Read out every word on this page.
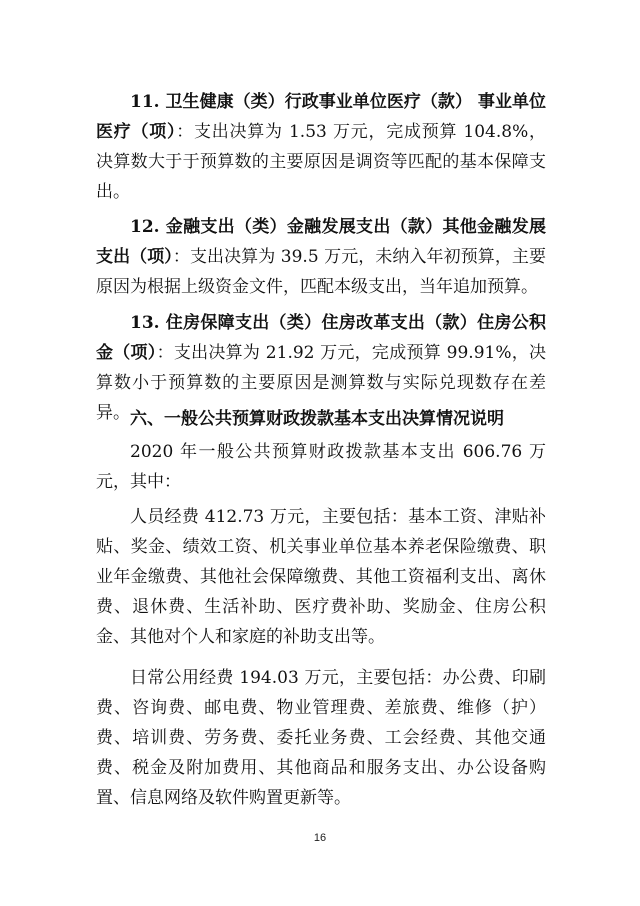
11. 卫生健康（类）行政事业单位医疗（款） 事业单位医疗（项）：支出决算为 1.53 万元，完成预算 104.8%，决算数大于于预算数的主要原因是调资等匹配的基本保障支出。

12. 金融支出（类）金融发展支出（款）其他金融发展支出（项）：支出决算为 39.5 万元，未纳入年初预算，主要原因为根据上级资金文件，匹配本级支出，当年追加预算。

13. 住房保障支出（类）住房改革支出（款）住房公积金（项）：支出决算为 21.92 万元，完成预算 99.91%，决算数小于预算数的主要原因是测算数与实际兑现数存在差异。 六、一般公共预算财政拨款基本支出决算情况说明

2020 年一般公共预算财政拨款基本支出 606.76 万元，其中：

人员经费 412.73 万元，主要包括：基本工资、津贴补贴、奖金、绩效工资、机关事业单位基本养老保险缴费、职业年金缴费、其他社会保障缴费、其他工资福利支出、离休费、退休费、生活补助、医疗费补助、奖励金、住房公积金、其他对个人和家庭的补助支出等。

日常公用经费 194.03 万元，主要包括：办公费、印刷费、咨询费、邮电费、物业管理费、差旅费、维修（护）费、培训费、劳务费、委托业务费、工会经费、其他交通费、税金及附加费用、其他商品和服务支出、办公设备购置、信息网络及软件购置更新等。

16
